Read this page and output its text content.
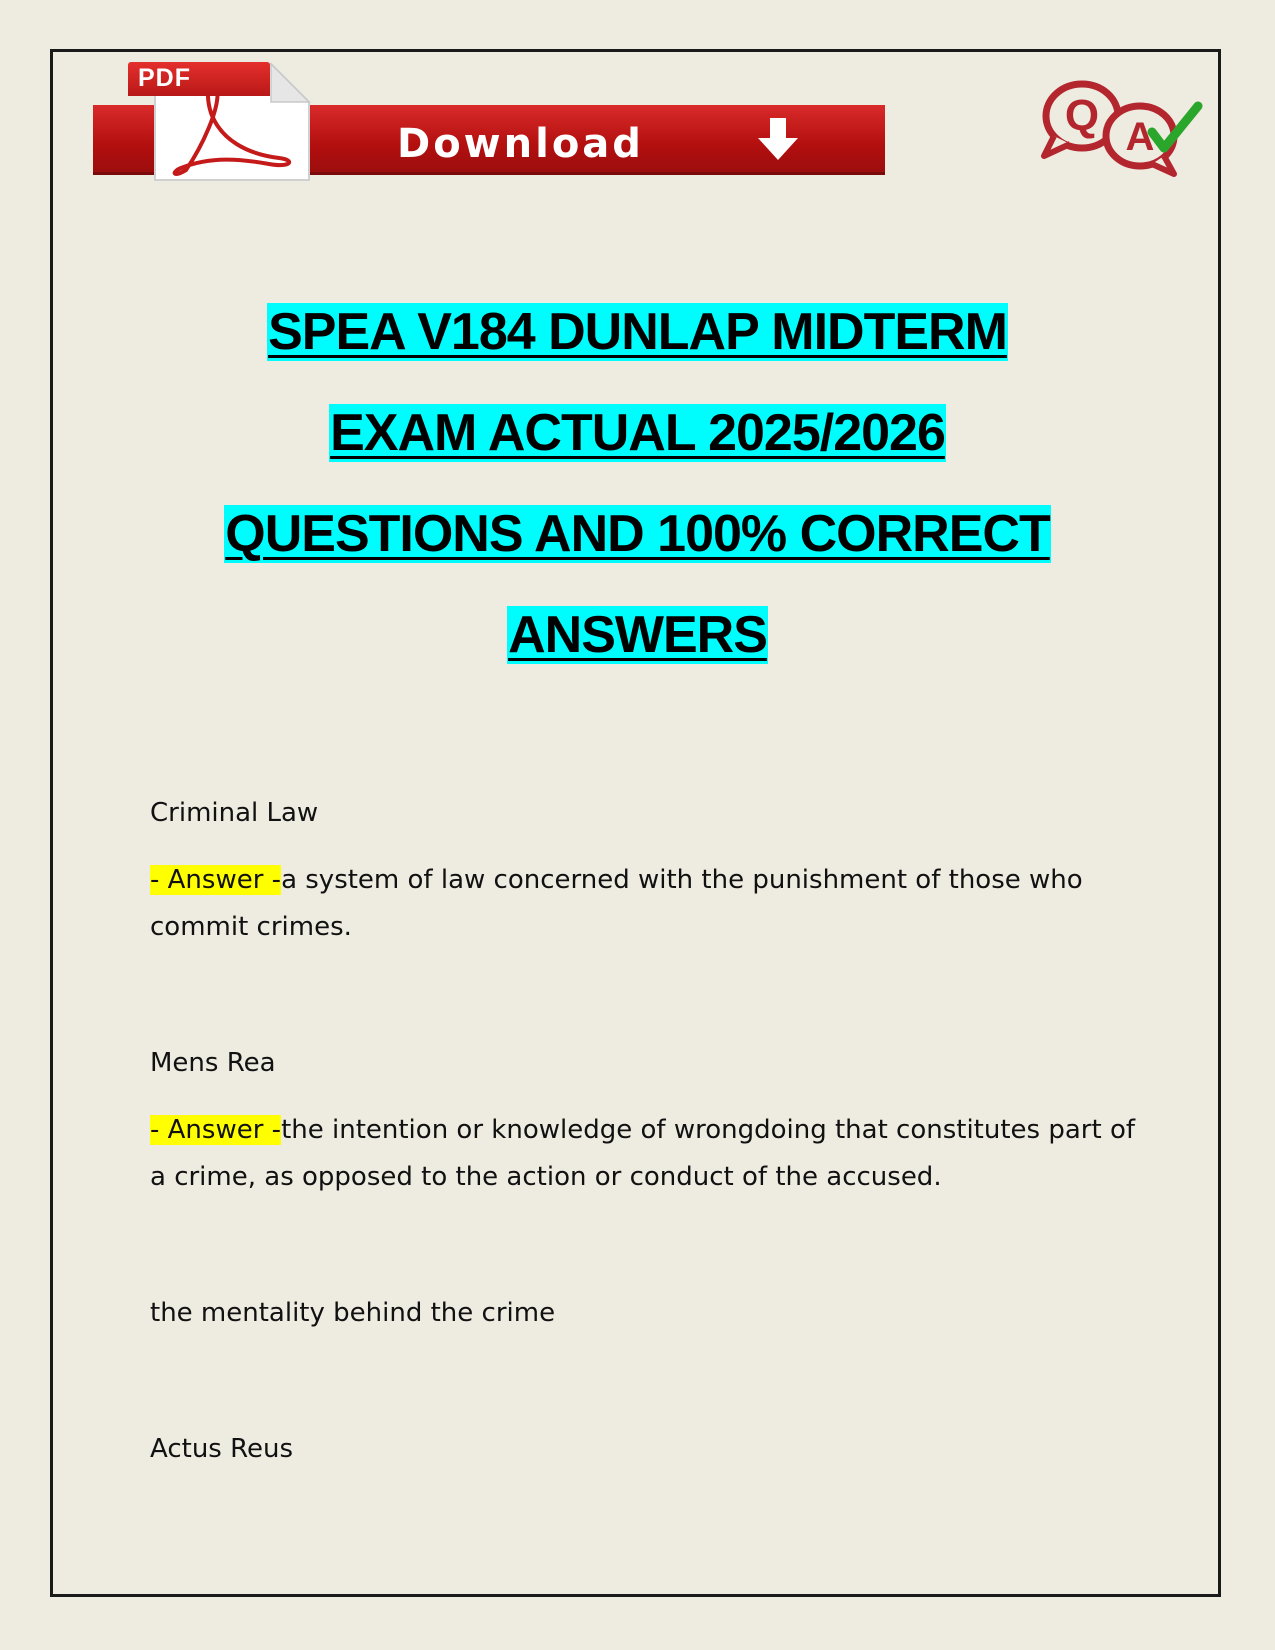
Download
PDF
Q A

SPEA V184 DUNLAP MIDTERM

EXAM ACTUAL 2025/2026

QUESTIONS AND 100% CORRECT

ANSWERS

Criminal Law
- Answer -a system of law concerned with the punishment of those who commit crimes.
Mens Rea
- Answer -the intention or knowledge of wrongdoing that constitutes part of a crime, as opposed to the action or conduct of the accused.
the mentality behind the crime
Actus Reus
